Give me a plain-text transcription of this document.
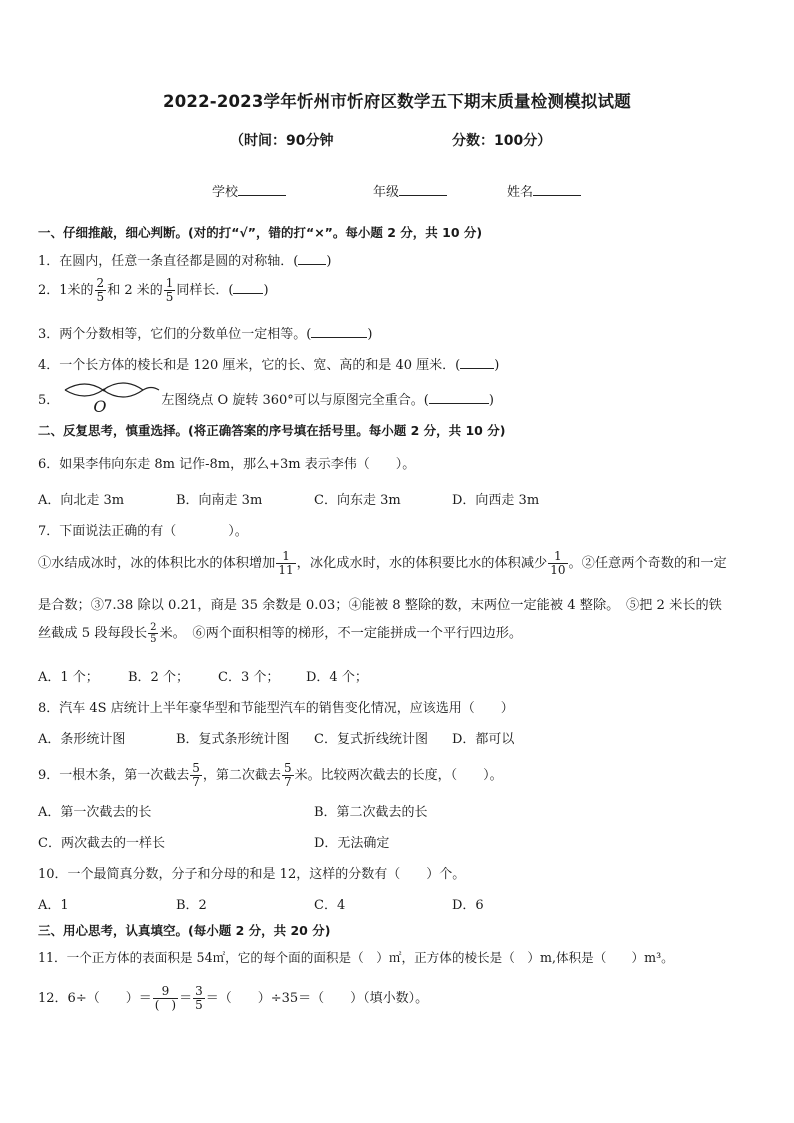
2022-2023学年忻州市忻府区数学五下期末质量检测模拟试题
（时间：90分钟	分数：100分）
学校	年级	姓名
一、仔细推敲，细心判断。(对的打“√”，错的打“×”。每小题 2 分，共 10 分)
1．在圆内，任意一条直径都是圆的对称轴．( )
2．1米的 $\frac{2}{5}$ 和 2 米的 $\frac{1}{5}$ 同样长．( )
3．两个分数相等，它们的分数单位一定相等。(	)
4．一个长方体的棱长和是 120 厘米，它的长、宽、高的和是 40 厘米．(	)
5． O	左图绕点 O 旋转 360°可以与原图完全重合。(	)
二、反复思考，慎重选择。(将正确答案的序号填在括号里。每小题 2 分，共 10 分)
6．如果李伟向东走 8m 记作-8m，那么+3m 表示李伟（　　）。
A．向北走 3m	B．向南走 3m	C．向东走 3m	D．向西走 3m
7．下面说法正确的有（　　　　）。
①水结成冰时，冰的体积比水的体积增加 $\frac{1}{11}$ ，冰化成水时，水的体积要比水的体积减少 $\frac{1}{10}$ 。②任意两个奇数的和一定
是合数；③7.38 除以 0.21，商是 35 余数是 0.03；④能被 8 整除的数，末两位一定能被 4 整除。　⑤把 2 米长的铁
丝截成 5 段每段长 $\frac{2}{5}$ 米。　⑥两个面积相等的梯形，不一定能拼成一个平行四边形。
A．1 个； B．2 个； C．3 个； D．4 个；
8．汽车 4S 店统计上半年豪华型和节能型汽车的销售变化情况，应该选用（　　）
A．条形统计图	B．复式条形统计图 C．复式折线统计图 D．都可以
9．一根木条，第一次截去 $\frac{5}{7}$ ，第二次截去 $\frac{5}{7}$ 米。比较两次截去的长度，（　　）。
A．第一次截去的长	B．第二次截去的长
C．两次截去的一样长	D．无法确定
10．一个最简真分数，分子和分母的和是 12，这样的分数有（　　）个。
A．1	B．2	C．4	D．6
三、用心思考，认真填空。(每小题 2 分，共 20 分)
11．一个正方体的表面积是 54㎡，它的每个面的面积是（　）㎡，正方体的棱长是（　）m,体积是（　　）m³。
12．6÷（　　）＝ $\frac{9}{( )} = \frac{3}{5}$ ＝（　　）÷35＝（　　）（填小数）。
